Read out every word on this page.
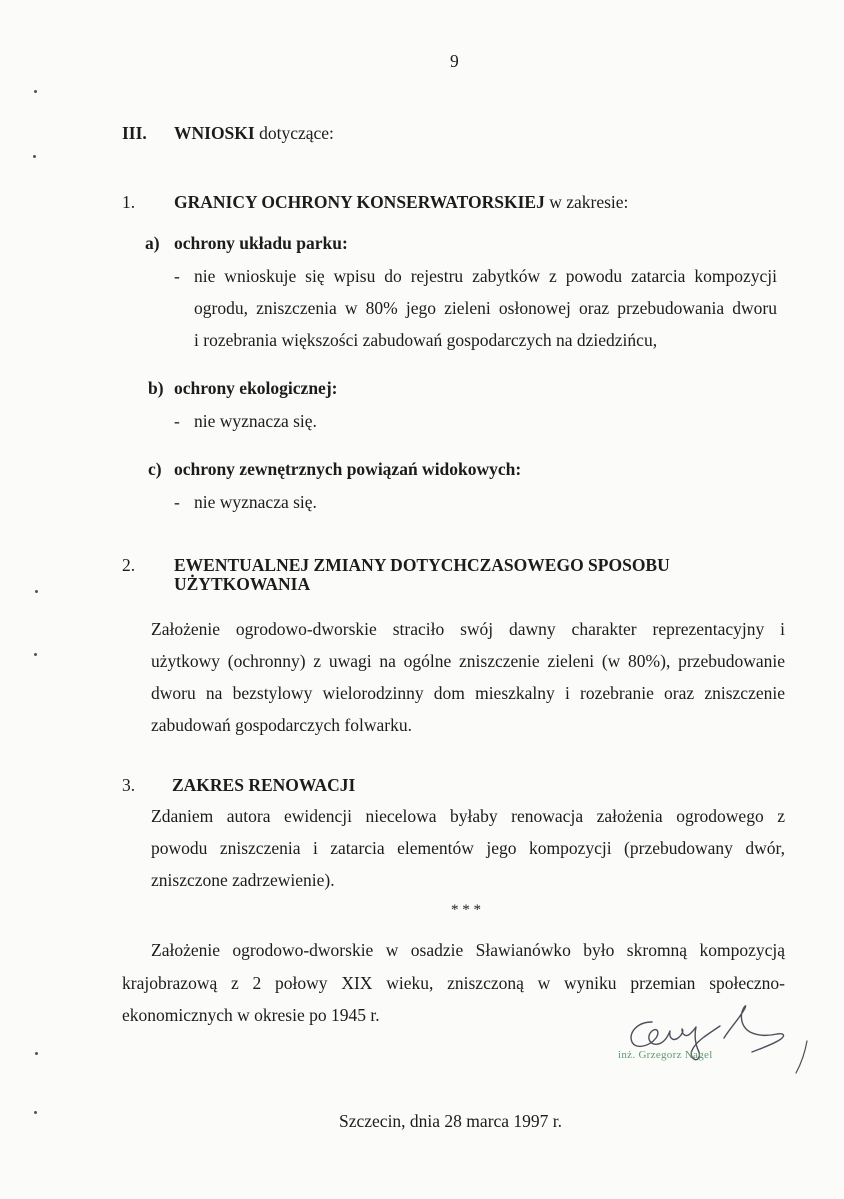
9
III. WNIOSKI dotyczące:
1. GRANICY OCHRONY KONSERWATORSKIEJ w zakresie:
a) ochrony układu parku:
- nie wnioskuje się wpisu do rejestru zabytków z powodu zatarcia kompozycji
ogrodu, zniszczenia w 80% jego zieleni osłonowej oraz przebudowania dworu
i rozebrania większości zabudowań gospodarczych na dziedzińcu,
b) ochrony ekologicznej:
- nie wyznacza się.
c) ochrony zewnętrznych powiązań widokowych:
- nie wyznacza się.
2. EWENTUALNEJ ZMIANY DOTYCHCZASOWEGO SPOSOBU
UŻYTKOWANIA
Założenie ogrodowo-dworskie straciło swój dawny charakter reprezentacyjny i
użytkowy (ochronny) z uwagi na ogólne zniszczenie zieleni (w 80%), przebudowanie
dworu na bezstylowy wielorodzinny dom mieszkalny i rozebranie oraz zniszczenie
zabudowań gospodarczych folwarku.
3. ZAKRES RENOWACJI
Zdaniem autora ewidencji niecelowa byłaby renowacja założenia ogrodowego z
powodu zniszczenia i zatarcia elementów jego kompozycji (przebudowany dwór,
zniszczone zadrzewienie).
* * *
Założenie ogrodowo-dworskie w osadzie Sławianówko było skromną kompozycją
krajobrazową z 2 połowy XIX wieku, zniszczoną w wyniku przemian społeczno-
ekonomicznych w okresie po 1945 r.
inż. Grzegorz Nagel
Szczecin, dnia 28 marca 1997 r.
